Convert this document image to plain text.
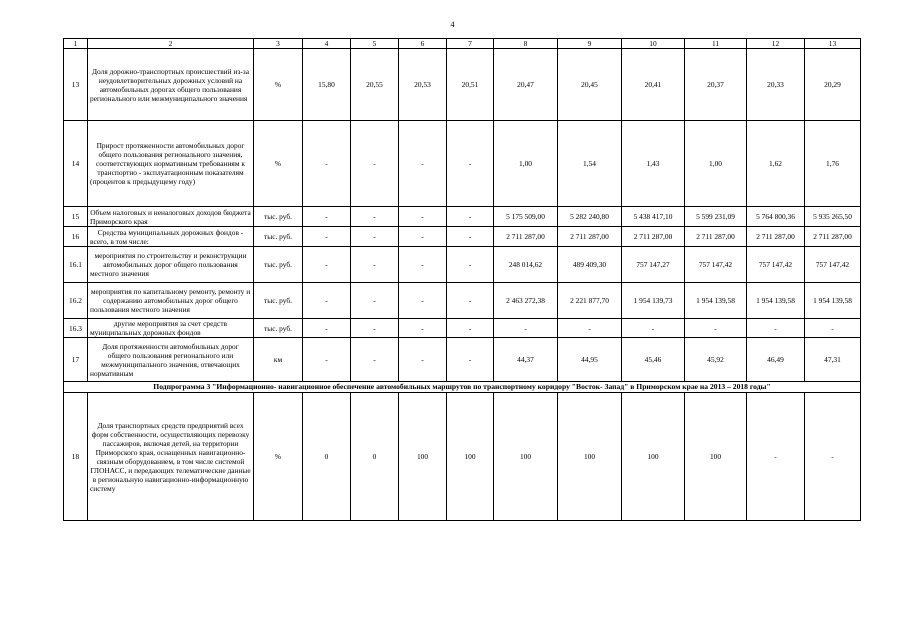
4
1	2	3	4	5	6	7	8	9	10	11	12	13
13	Доля дорожно-транспортных происшествий из-за неудовлетворительных дорожных условий на автомобильных дорогах общего пользования регионального или межмуниципального значения	%	15,80	20,55	20,53	20,51	20,47	20,45	20,41	20,37	20,33	20,29
14	Прирост протяженности автомобильных дорог общего пользования регионального значения, соответствующих нормативным требованиям к транспортно - эксплуатационным показателям (процентов к предыдущему году)	%	-	-	-	-	1,00	1,54	1,43	1,00	1,62	1,76
15	Объем налоговых и неналоговых доходов бюджета Приморского края	тыс. руб.	-	-	-	-	5 175 509,00	5 282 240,80	5 438 417,10	5 599 231,09	5 764 800,36	5 935 265,50
16	Средства муниципальных дорожных фондов - всего, в том числе:	тыс. руб.	-	-	-	-	2 711 287,00	2 711 287,00	2 711 287,00	2 711 287,00	2 711 287,00	2 711 287,00
16.1	мероприятия по строительству и реконструкции автомобильных дорог общего пользования местного значения	тыс. руб.	-	-	-	-	248 014,62	489 409,30	757 147,27	757 147,42	757 147,42	757 147,42
16.2	мероприятия по капитальному ремонту, ремонту и содержанию автомобильных дорог общего пользования местного значения	тыс. руб.	-	-	-	-	2 463 272,38	2 221 877,70	1 954 139,73	1 954 139,58	1 954 139,58	1 954 139,58
16.3	другие мероприятия за счет средств муниципальных дорожных фондов	тыс. руб.	-	-	-	-	-	-	-	-	-	-
17	Доля протяженности автомобильных дорог общего пользования регионального или межмуниципального значения, отвечающих нормативным	км	-	-	-	-	44,37	44,95	45,46	45,92	46,49	47,31
Подпрограмма 3 "Информационно- навигационное обеспечение автомобильных маршрутов по транспортному коридору "Восток- Запад" в Приморском крае на 2013 – 2018 годы"												
18	Доля транспортных средств предприятий всех форм собственности, осуществляющих перевозку пассажиров, включая детей, на территории Приморского края, оснащенных навигационно-связным оборудованием, в том числе системой ГЛОНАСС, и передающих телематические данные в региональную навигационно-информационную систему	%	0	0	100	100	100	100	100	100	-	-
